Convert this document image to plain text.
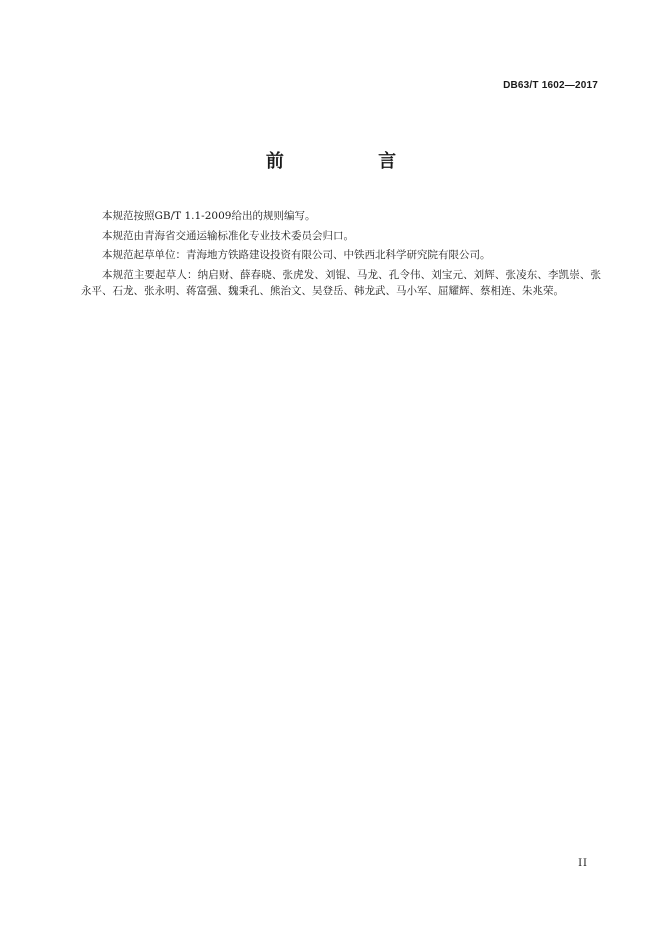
DB63/T 1602—2017
前 言

本规范按照GB/T 1.1-2009给出的规则编写。

本规范由青海省交通运输标准化专业技术委员会归口。

本规范起草单位：青海地方铁路建设投资有限公司、中铁西北科学研究院有限公司。

本规范主要起草人：纳启财、薛春晓、张虎发、刘锟、马龙、孔令伟、刘宝元、刘辉、张凌东、李凯崇、张永平、石龙、张永明、蒋富强、魏秉孔、熊治文、吴登岳、韩龙武、马小军、屈耀辉、蔡相连、朱兆荣。

II
